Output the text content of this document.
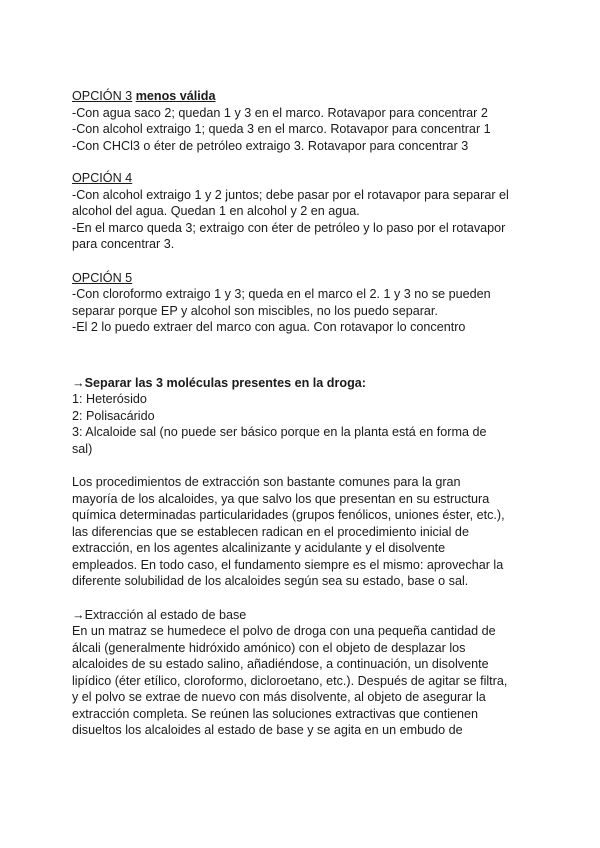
OPCIÓN 3 menos válida
-Con agua saco 2; quedan 1 y 3 en el marco. Rotavapor para concentrar 2
-Con alcohol extraigo 1; queda 3 en el marco. Rotavapor para concentrar 1
-Con CHCl3 o éter de petróleo extraigo 3. Rotavapor para concentrar 3
OPCIÓN 4
-Con alcohol extraigo 1 y 2 juntos; debe pasar por el rotavapor para separar el
alcohol del agua. Quedan 1 en alcohol y 2 en agua.
-En el marco queda 3; extraigo con éter de petróleo y lo paso por el rotavapor
para concentrar 3.
OPCIÓN 5
-Con cloroformo extraigo 1 y 3; queda en el marco el 2. 1 y 3 no se pueden
separar porque EP y alcohol son miscibles, no los puedo separar.
-El 2 lo puedo extraer del marco con agua. Con rotavapor lo concentro
→Separar las 3 moléculas presentes en la droga:
1: Heterósido
2: Polisacárido
3: Alcaloide sal (no puede ser básico porque en la planta está en forma de
sal)
Los procedimientos de extracción son bastante comunes para la gran
mayoría de los alcaloides, ya que salvo los que presentan en su estructura
química determinadas particularidades (grupos fenólicos, uniones éster, etc.),
las diferencias que se establecen radican en el procedimiento inicial de
extracción, en los agentes alcalinizante y acidulante y el disolvente
empleados. En todo caso, el fundamento siempre es el mismo: aprovechar la
diferente solubilidad de los alcaloides según sea su estado, base o sal.
→Extracción al estado de base
En un matraz se humedece el polvo de droga con una pequeña cantidad de
álcali (generalmente hidróxido amónico) con el objeto de desplazar los
alcaloides de su estado salino, añadiéndose, a continuación, un disolvente
lipídico (éter etílico, cloroformo, dicloroetano, etc.). Después de agitar se filtra,
y el polvo se extrae de nuevo con más disolvente, al objeto de asegurar la
extracción completa. Se reúnen las soluciones extractivas que contienen
disueltos los alcaloides al estado de base y se agita en un embudo de
